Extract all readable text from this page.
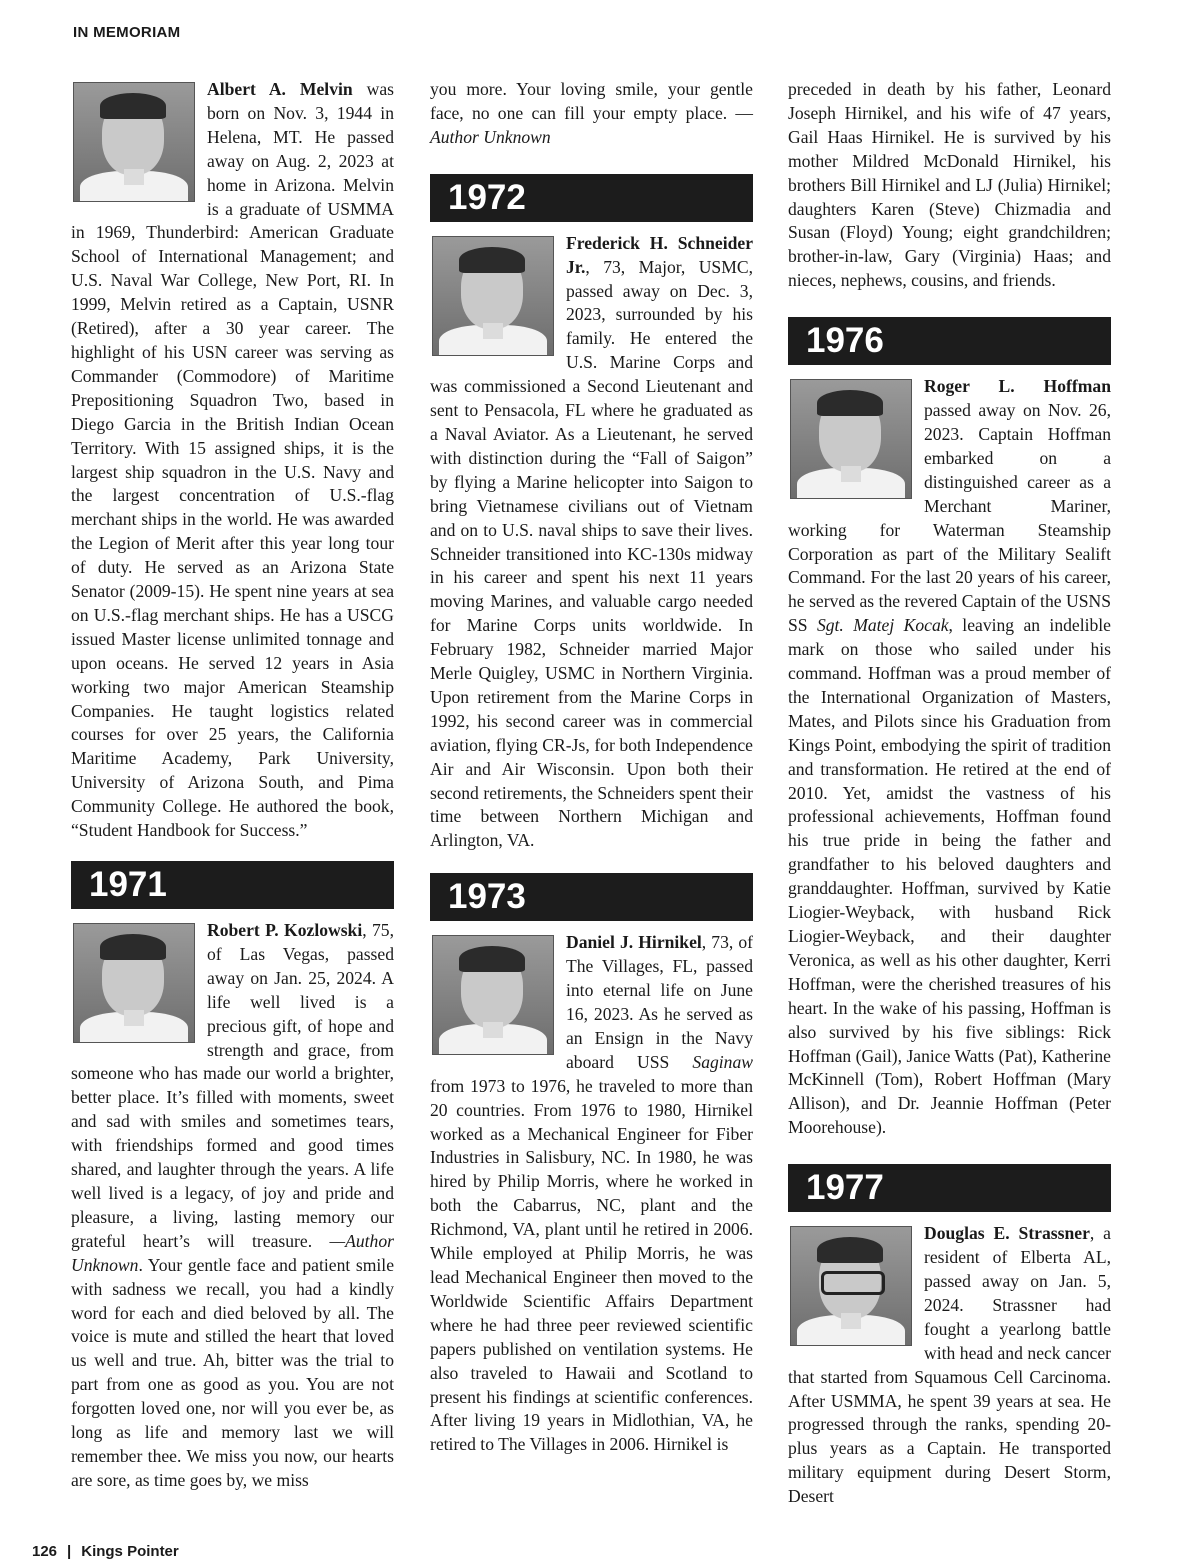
IN MEMORIAM

Albert A. Melvin was born on Nov. 3, 1944 in Helena, MT. He passed away on Aug. 2, 2023 at home in Arizona. Melvin is a graduate of USMMA in 1969, Thunderbird: American Graduate School of International Management; and U.S. Naval War College, New Port, RI. In 1999, Melvin retired as a Captain, USNR (Retired), after a 30 year career. The highlight of his USN career was serving as Commander (Commodore) of Maritime Prepositioning Squadron Two, based in Diego Garcia in the British Indian Ocean Territory. With 15 assigned ships, it is the largest ship squadron in the U.S. Navy and the largest concentration of U.S.-flag merchant ships in the world. He was awarded the Legion of Merit after this year long tour of duty. He served as an Arizona State Senator (2009-15). He spent nine years at sea on U.S.-flag merchant ships. He has a USCG issued Master license unlimited tonnage and upon oceans. He served 12 years in Asia working two major American Steamship Companies. He taught logistics related courses for over 25 years, the California Maritime Academy, Park University, University of Arizona South, and Pima Community College. He authored the book, “Student Handbook for Success.”

1971

Robert P. Kozlowski, 75, of Las Vegas, passed away on Jan. 25, 2024. A life well lived is a precious gift, of hope and strength and grace, from someone who has made our world a brighter, better place. It’s filled with moments, sweet and sad with smiles and sometimes tears, with friendships formed and good times shared, and laughter through the years. A life well lived is a legacy, of joy and pride and pleasure, a living, lasting memory our grateful heart’s will treasure. —Author Unknown. Your gentle face and patient smile with sadness we recall, you had a kindly word for each and died beloved by all. The voice is mute and stilled the heart that loved us well and true. Ah, bitter was the trial to part from one as good as you. You are not forgotten loved one, nor will you ever be, as long as life and memory last we will remember thee. We miss you now, our hearts are sore, as time goes by, we miss

you more. Your loving smile, your gentle face, no one can fill your empty place. — Author Unknown

1972

Frederick H. Schneider Jr., 73, Major, USMC, passed away on Dec. 3, 2023, surrounded by his family. He entered the U.S. Marine Corps and was commissioned a Second Lieutenant and sent to Pensacola, FL where he graduated as a Naval Aviator. As a Lieutenant, he served with distinction during the “Fall of Saigon” by flying a Marine helicopter into Saigon to bring Vietnamese civilians out of Vietnam and on to U.S. naval ships to save their lives. Schneider transitioned into KC-130s midway in his career and spent his next 11 years moving Marines, and valuable cargo needed for Marine Corps units worldwide. In February 1982, Schneider married Major Merle Quigley, USMC in Northern Virginia. Upon retirement from the Marine Corps in 1992, his second career was in commercial aviation, flying CR-Js, for both Independence Air and Air Wisconsin. Upon both their second retirements, the Schneiders spent their time between Northern Michigan and Arlington, VA.

1973

Daniel J. Hirnikel, 73, of The Villages, FL, passed into eternal life on June 16, 2023. As he served as an Ensign in the Navy aboard USS Saginaw from 1973 to 1976, he traveled to more than 20 countries. From 1976 to 1980, Hirnikel worked as a Mechanical Engineer for Fiber Industries in Salisbury, NC. In 1980, he was hired by Philip Morris, where he worked in both the Cabarrus, NC, plant and the Richmond, VA, plant until he retired in 2006. While employed at Philip Morris, he was lead Mechanical Engineer then moved to the Worldwide Scientific Affairs Department where he had three peer reviewed scientific papers published on ventilation systems. He also traveled to Hawaii and Scotland to present his findings at scientific conferences. After living 19 years in Midlothian, VA, he retired to The Villages in 2006. Hirnikel is

preceded in death by his father, Leonard Joseph Hirnikel, and his wife of 47 years, Gail Haas Hirnikel. He is survived by his mother Mildred McDonald Hirnikel, his brothers Bill Hirnikel and LJ (Julia) Hirnikel; daughters Karen (Steve) Chizmadia and Susan (Floyd) Young; eight grandchildren; brother-in-law, Gary (Virginia) Haas; and nieces, nephews, cousins, and friends.

1976

Roger L. Hoffman passed away on Nov. 26, 2023. Captain Hoffman embarked on a distinguished career as a Merchant Mariner, working for Waterman Steamship Corporation as part of the Military Sealift Command. For the last 20 years of his career, he served as the revered Captain of the USNS SS Sgt. Matej Kocak, leaving an indelible mark on those who sailed under his command. Hoffman was a proud member of the International Organization of Masters, Mates, and Pilots since his Graduation from Kings Point, embodying the spirit of tradition and transformation. He retired at the end of 2010. Yet, amidst the vastness of his professional achievements, Hoffman found his true pride in being the father and grandfather to his beloved daughters and granddaughter. Hoffman, survived by Katie Liogier-Weyback, with husband Rick Liogier-Weyback, and their daughter Veronica, as well as his other daughter, Kerri Hoffman, were the cherished treasures of his heart. In the wake of his passing, Hoffman is also survived by his five siblings: Rick Hoffman (Gail), Janice Watts (Pat), Katherine McKinnell (Tom), Robert Hoffman (Mary Allison), and Dr. Jeannie Hoffman (Peter Moorehouse).

1977

Douglas E. Strassner, a resident of Elberta AL, passed away on Jan. 5, 2024. Strassner had fought a yearlong battle with head and neck cancer that started from Squamous Cell Carcinoma. After USMMA, he spent 39 years at sea. He progressed through the ranks, spending 20-plus years as a Captain. He transported military equipment during Desert Storm, Desert

126 | Kings Pointer
